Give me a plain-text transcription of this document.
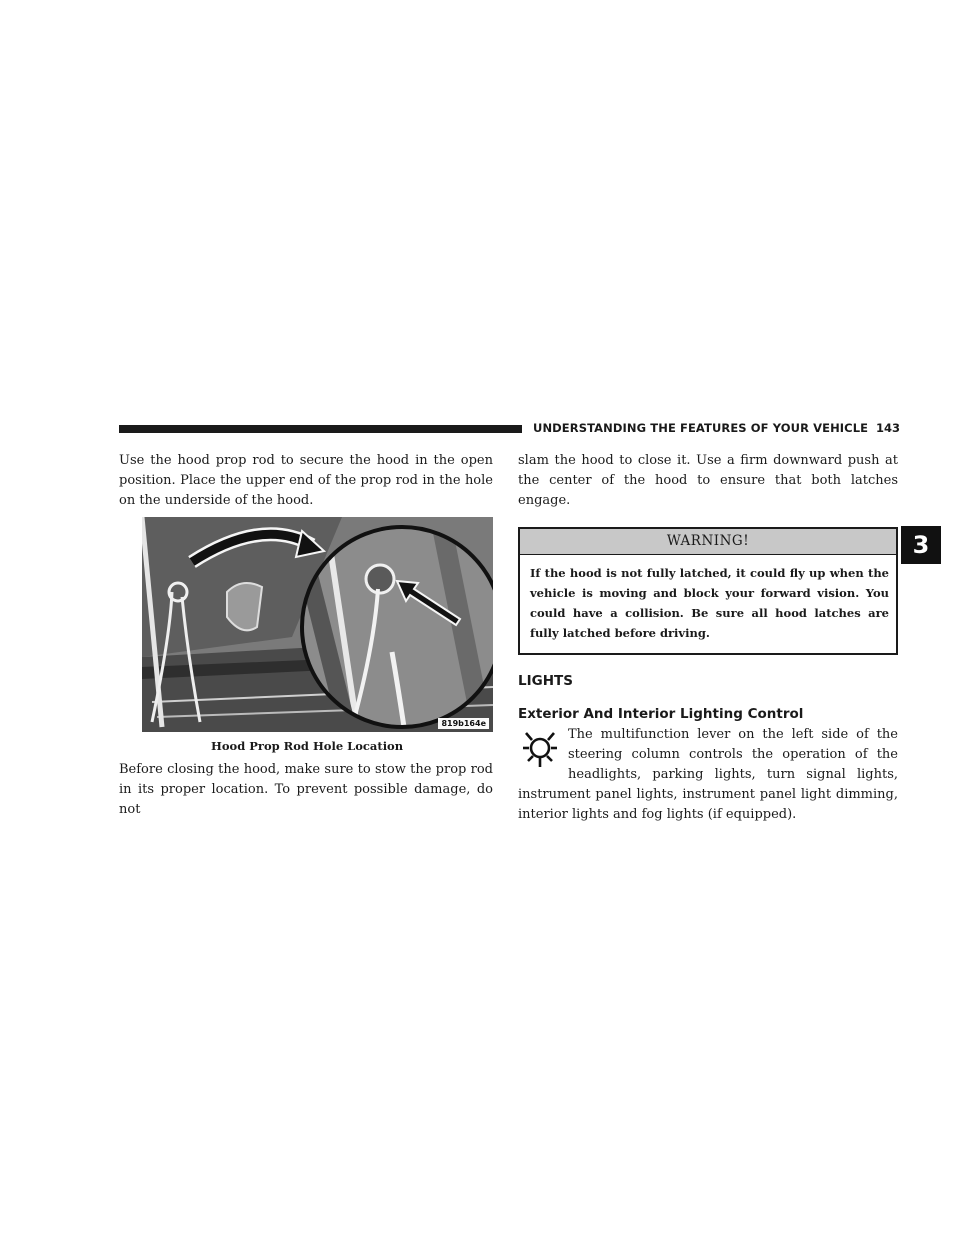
UNDERSTANDING THE FEATURES OF YOUR VEHICLE 143
3

Use the hood prop rod to secure the hood in the open position. Place the upper end of the prop rod in the hole on the underside of the hood.

819b164e
Hood Prop Rod Hole Location

Before closing the hood, make sure to stow the prop rod in its proper location. To prevent possible damage, do not

slam the hood to close it. Use a firm downward push at the center of the hood to ensure that both latches engage.

WARNING!
If the hood is not fully latched, it could fly up when the vehicle is moving and block your forward vision. You could have a collision. Be sure all hood latches are fully latched before driving.
LIGHTS
Exterior And Interior Lighting Control

The multifunction lever on the left side of the steering column controls the operation of the headlights, parking lights, turn signal lights, instrument panel lights, instrument panel light dimming, interior lights and fog lights (if equipped).
